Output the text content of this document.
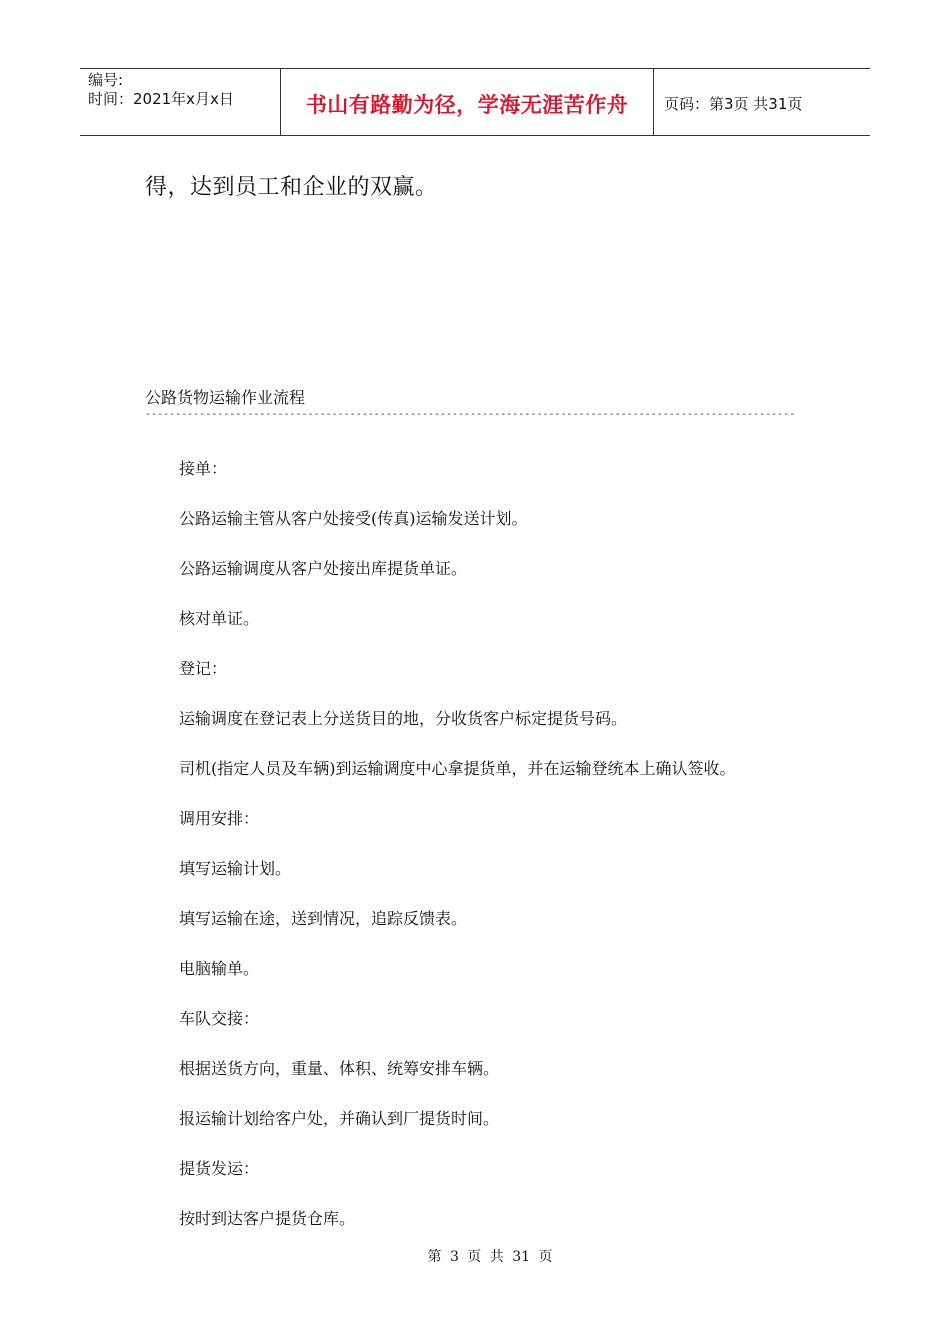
编号:
时间：2021年x月x日	书山有路勤为径，学海无涯苦作舟	页码：第3页 共31页
得，达到员工和企业的双赢。
公路货物运输作业流程
------------------------------------------------------------------------------------------------------------
接单：
公路运输主管从客户处接受(传真)运输发送计划。
公路运输调度从客户处接出库提货单证。
核对单证。
登记：
运输调度在登记表上分送货目的地，分收货客户标定提货号码。
司机(指定人员及车辆)到运输调度中心拿提货单，并在运输登统本上确认签收。
调用安排：
填写运输计划。
填写运输在途，送到情况，追踪反馈表。
电脑输单。
车队交接：
根据送货方向，重量、体积、统筹安排车辆。
报运输计划给客户处，并确认到厂提货时间。
提货发运：
按时到达客户提货仓库。
第 3 页 共 31 页
